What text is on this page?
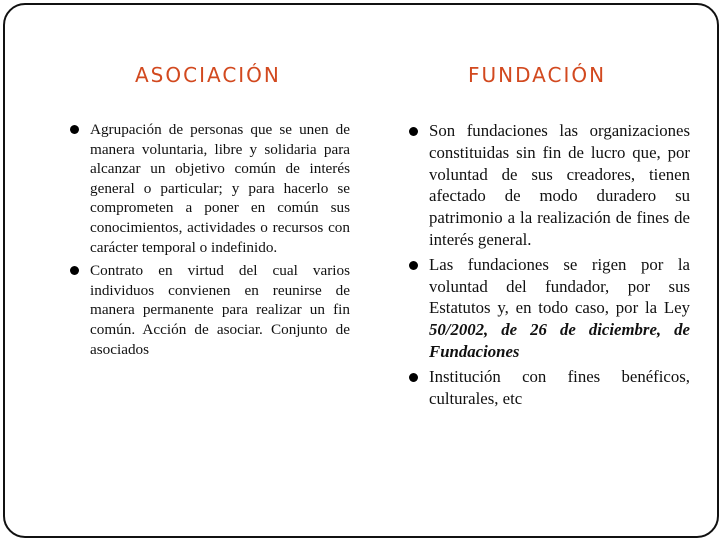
ASOCIACIÓN	FUNDACIÓN
Agrupación de personas que se unen de manera voluntaria, libre y solidaria para alcanzar un objetivo común de interés general o particular; y para hacerlo se comprometen a poner en común sus conocimientos, actividades o recursos con carácter temporal o indefinido.
Contrato en virtud del cual varios individuos convienen en reunirse de manera permanente para realizar un fin común. Acción de asociar. Conjunto de asociados
Son fundaciones las organizaciones constituidas sin fin de lucro que, por voluntad de sus creadores, tienen afectado de modo duradero su patrimonio a la realización de fines de interés general.
Las fundaciones se rigen por la voluntad del fundador, por sus Estatutos y, en todo caso, por la Ley 50/2002, de 26 de diciembre, de Fundaciones
Institución con fines benéficos, culturales, etc
